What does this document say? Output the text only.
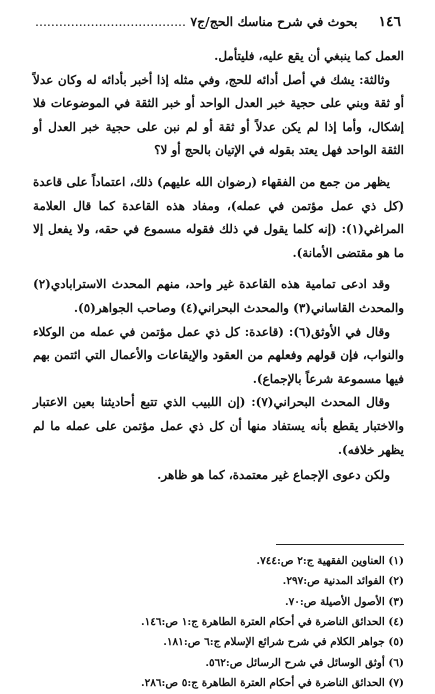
١٤٦
بحوث في شرح مناسك الحج/ج٧ ......................................

العمل كما ينبغي أن يقع عليه، فليتأمل.

وثالثة: يشك في أصل أدائه للحج، وفي مثله إذا أخبر بأدائه له وكان عدلاً أو ثقة وبني على حجية خبر العدل الواحد أو خبر الثقة في الموضوعات فلا إشكال، وأما إذا لم يكن عدلاً أو ثقة أو لم نبن على حجية خبر العدل أو الثقة الواحد فهل يعتد بقوله في الإتيان بالحج أو لا؟

يظهر من جمع من الفقهاء (رضوان الله عليهم) ذلك، اعتماداً على قاعدة (كل ذي عمل مؤتمن في عمله)، ومفاد هذه القاعدة كما قال العلامة المراغي(١): (إنه كلما يقول في ذلك فقوله مسموع في حقه، ولا يفعل إلا ما هو مقتضى الأمانة).

وقد ادعى تمامية هذه القاعدة غير واحد، منهم المحدث الاسترابادي(٢) والمحدث القاساني(٣) والمحدث البحراني(٤) وصاحب الجواهر(٥).

وقال في الأوثق(٦): (قاعدة: كل ذي عمل مؤتمن في عمله من الوكلاء والنواب، فإن قولهم وفعلهم من العقود والإيقاعات والأعمال التي ائتمن بهم فيها مسموعة شرعاً بالإجماع).

وقال المحدث البحراني(٧): (إن اللبيب الذي تتبع أحاديثنا بعين الاعتبار والاختبار يقطع بأنه يستفاد منها أن كل ذي عمل مؤتمن على عمله ما لم يظهر خلافه).

ولكن دعوى الإجماع غير معتمدة، كما هو ظاهر.

(١) العناوين الفقهية ج:٢ ص:٧٤٤.
(٢) الفوائد المدنية ص:٢٩٧.
(٣) الأصول الأصيلة ص:٧٠.
(٤) الحدائق الناضرة في أحكام العترة الطاهرة ج:١ ص:١٤٦.
(٥) جواهر الكلام في شرح شرائع الإسلام ج:٦ ص:١٨١.
(٦) أوثق الوسائل في شرح الرسائل ص:٥٦٢.
(٧) الحدائق الناضرة في أحكام العترة الطاهرة ج:٥ ص:٢٨٦.
